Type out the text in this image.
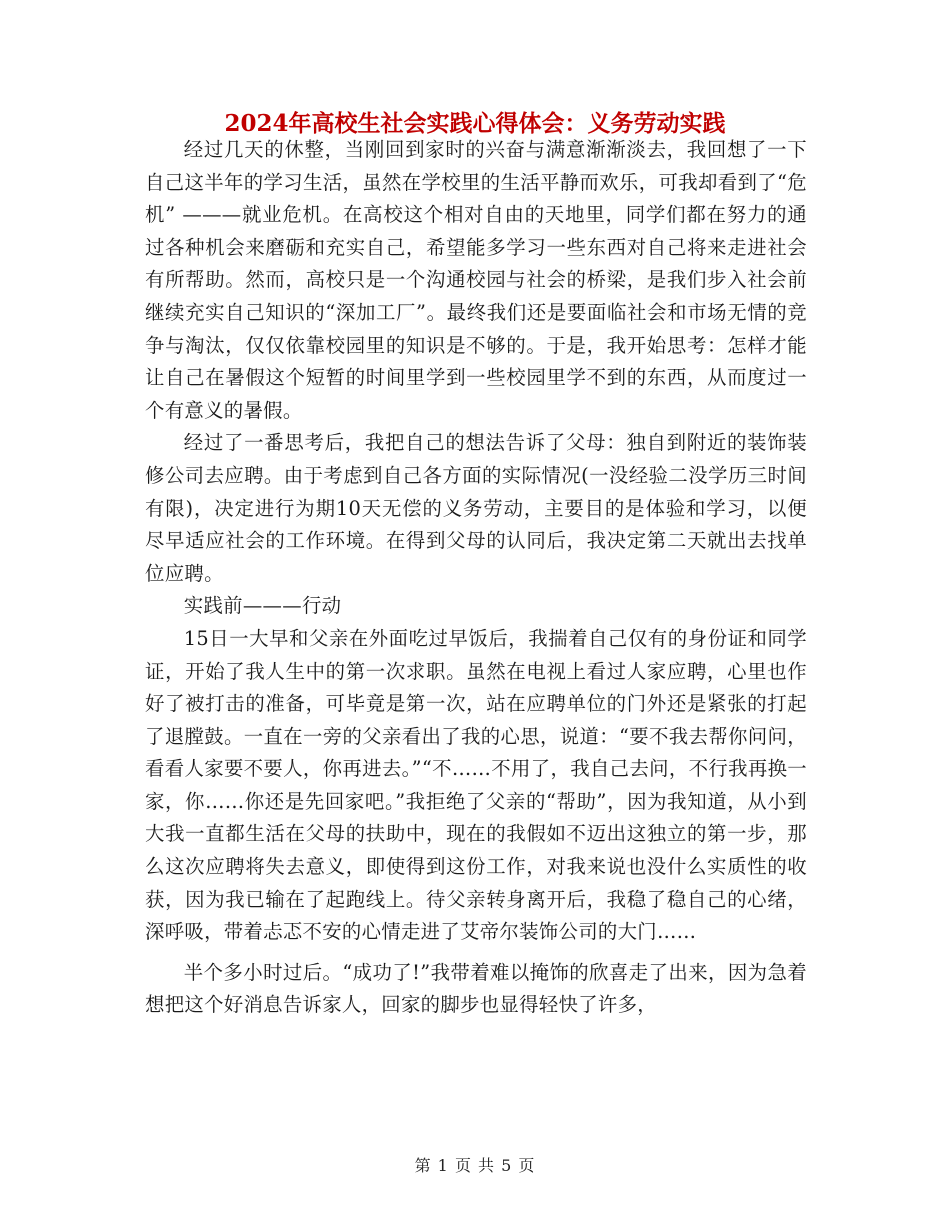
2024年高校生社会实践心得体会：义务劳动实践

经过几天的休整，当刚回到家时的兴奋与满意渐渐淡去，我回想了一下自己这半年的学习生活，虽然在学校里的生活平静而欢乐，可我却看到了“危机” ———就业危机。在高校这个相对自由的天地里，同学们都在努力的通过各种机会来磨砺和充实自己，希望能多学习一些东西对自己将来走进社会有所帮助。然而，高校只是一个沟通校园与社会的桥梁，是我们步入社会前继续充实自己知识的“深加工厂”。最终我们还是要面临社会和市场无情的竞争与淘汰，仅仅依靠校园里的知识是不够的。于是，我开始思考：怎样才能让自己在暑假这个短暂的时间里学到一些校园里学不到的东西，从而度过一个有意义的暑假。

经过了一番思考后，我把自己的想法告诉了父母：独自到附近的装饰装修公司去应聘。由于考虑到自己各方面的实际情况(一没经验二没学历三时间有限)，决定进行为期10天无偿的义务劳动，主要目的是体验和学习，以便尽早适应社会的工作环境。在得到父母的认同后，我决定第二天就出去找单位应聘。

实践前———行动

15日一大早和父亲在外面吃过早饭后，我揣着自己仅有的身份证和同学证，开始了我人生中的第一次求职。虽然在电视上看过人家应聘，心里也作好了被打击的准备，可毕竟是第一次，站在应聘单位的门外还是紧张的打起了退膛鼓。一直在一旁的父亲看出了我的心思，说道：“要不我去帮你问问，看看人家要不要人，你再进去。”“不……不用了，我自己去问，不行我再换一家，你……你还是先回家吧。”我拒绝了父亲的“帮助”，因为我知道，从小到大我一直都生活在父母的扶助中，现在的我假如不迈出这独立的第一步，那么这次应聘将失去意义，即使得到这份工作，对我来说也没什么实质性的收获，因为我已输在了起跑线上。待父亲转身离开后，我稳了稳自己的心绪，深呼吸，带着忐忑不安的心情走进了艾帝尔装饰公司的大门……

半个多小时过后。“成功了!”我带着难以掩饰的欣喜走了出来，因为急着想把这个好消息告诉家人，回家的脚步也显得轻快了许多，

第 1 页 共 5 页
